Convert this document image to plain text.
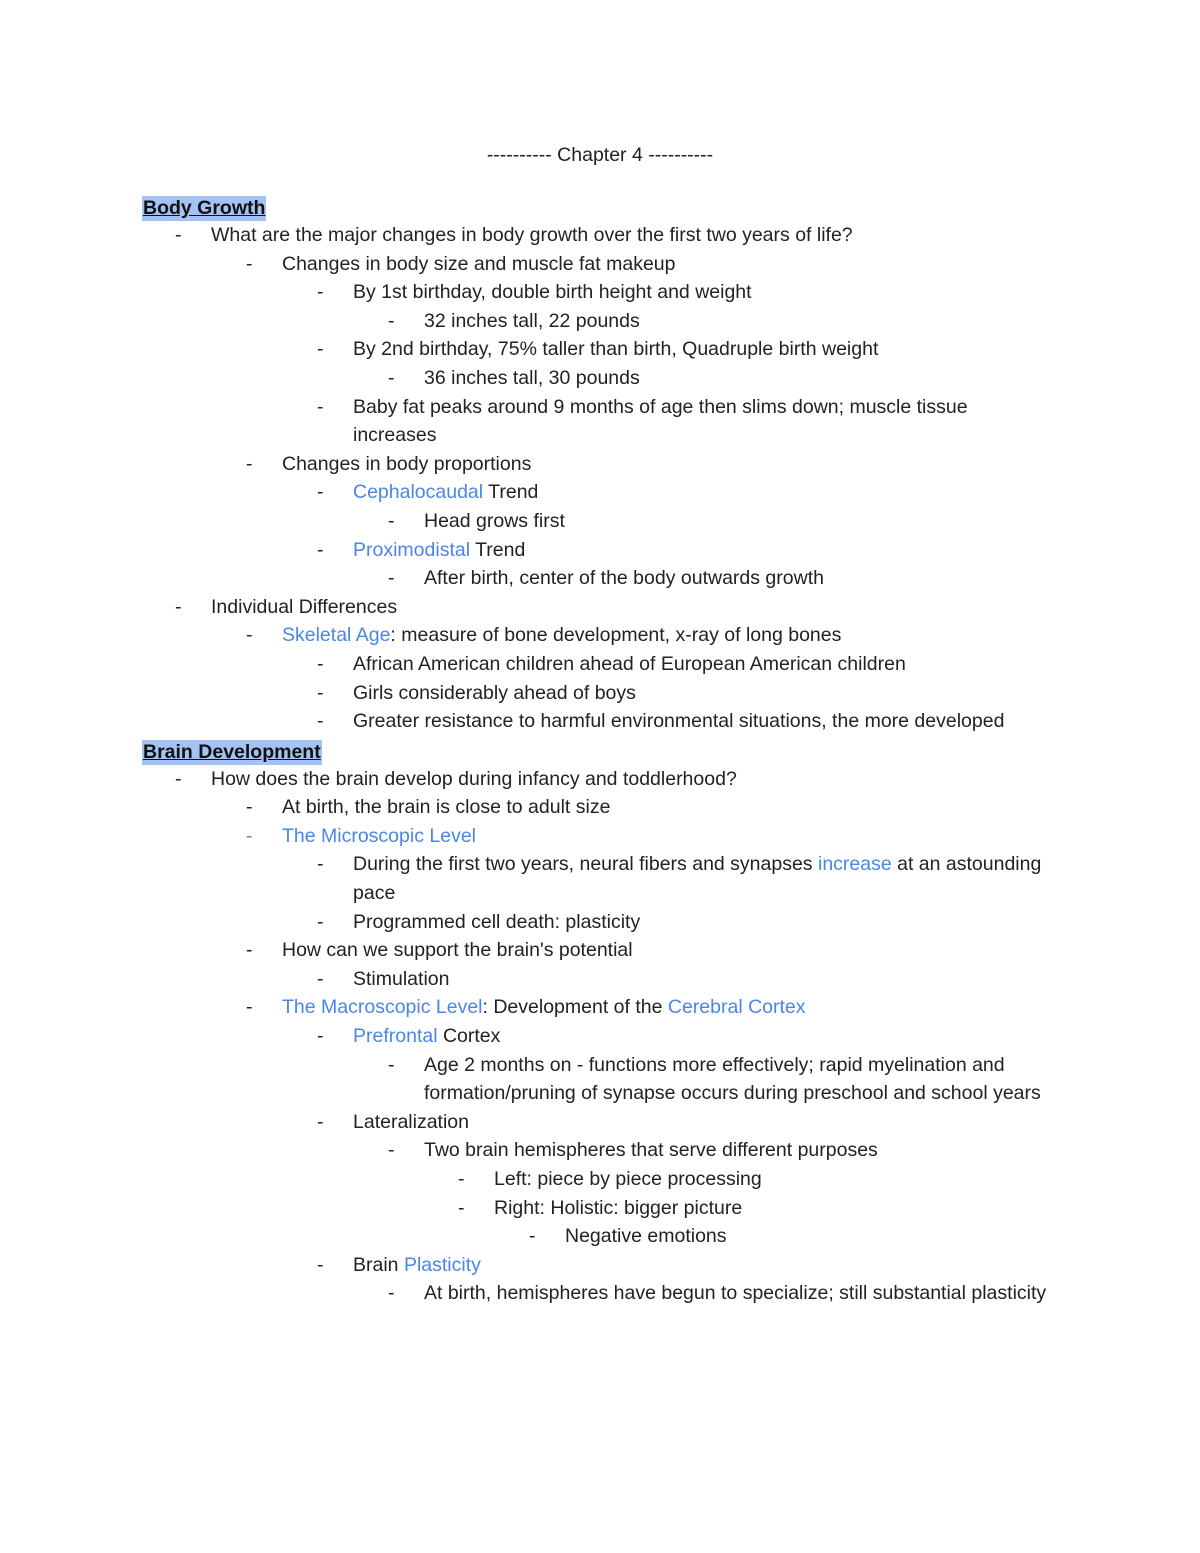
---------- Chapter 4 ----------
Body Growth
- What are the major changes in body growth over the first two years of life?
- Changes in body size and muscle fat makeup
- By 1st birthday, double birth height and weight
- 32 inches tall, 22 pounds
- By 2nd birthday, 75% taller than birth, Quadruple birth weight
- 36 inches tall, 30 pounds
- Baby fat peaks around 9 months of age then slims down; muscle tissue increases
- Changes in body proportions
- Cephalocaudal Trend
- Head grows first
- Proximodistal Trend
- After birth, center of the body outwards growth
- Individual Differences
- Skeletal Age: measure of bone development, x-ray of long bones
- African American children ahead of European American children
- Girls considerably ahead of boys
- Greater resistance to harmful environmental situations, the more developed
Brain Development
- How does the brain develop during infancy and toddlerhood?
- At birth, the brain is close to adult size
- The Microscopic Level
- During the first two years, neural fibers and synapses increase at an astounding pace
- Programmed cell death: plasticity
- How can we support the brain's potential
- Stimulation
- The Macroscopic Level: Development of the Cerebral Cortex
- Prefrontal Cortex
- Age 2 months on - functions more effectively; rapid myelination and formation/pruning of synapse occurs during preschool and school years
- Lateralization
- Two brain hemispheres that serve different purposes
- Left: piece by piece processing
- Right: Holistic: bigger picture
- Negative emotions
- Brain Plasticity
- At birth, hemispheres have begun to specialize; still substantial plasticity
